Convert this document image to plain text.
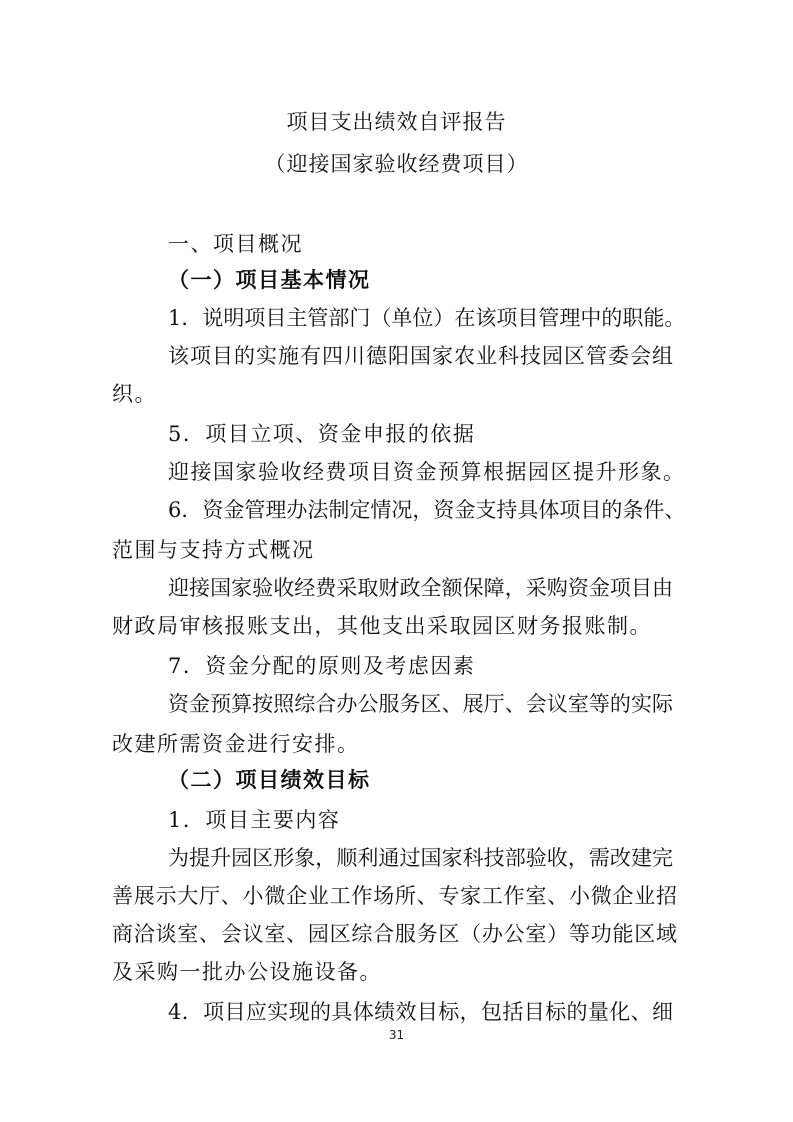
项目支出绩效自评报告
（迎接国家验收经费项目）
一、项目概况
（一）项目基本情况
1．说明项目主管部门（单位）在该项目管理中的职能。
该项目的实施有四川德阳国家农业科技园区管委会组
织。
5．项目立项、资金申报的依据
迎接国家验收经费项目资金预算根据园区提升形象。
6．资金管理办法制定情况，资金支持具体项目的条件、
范围与支持方式概况
迎接国家验收经费采取财政全额保障，采购资金项目由
财政局审核报账支出，其他支出采取园区财务报账制。
7．资金分配的原则及考虑因素
资金预算按照综合办公服务区、展厅、会议室等的实际
改建所需资金进行安排。
（二）项目绩效目标
1．项目主要内容
为提升园区形象，顺利通过国家科技部验收，需改建完
善展示大厅、小微企业工作场所、专家工作室、小微企业招
商洽谈室、会议室、园区综合服务区（办公室）等功能区域
及采购一批办公设施设备。
4．项目应实现的具体绩效目标，包括目标的量化、细
31
